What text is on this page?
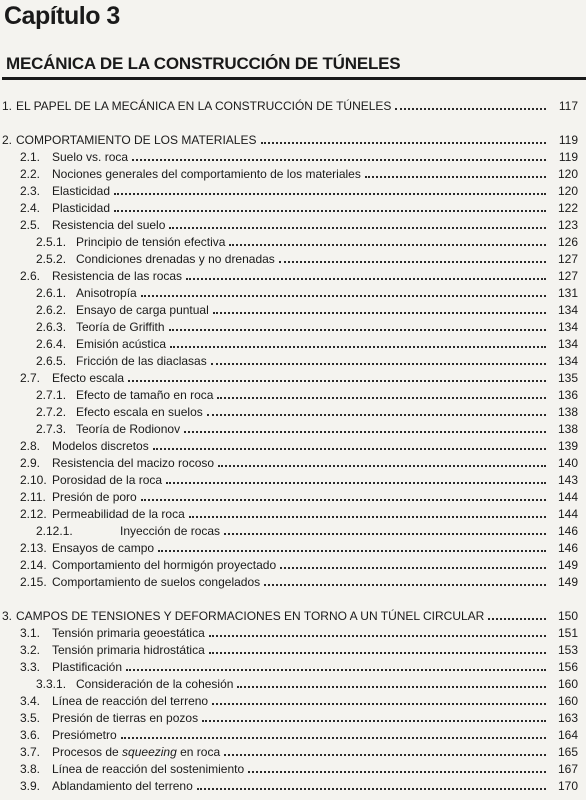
Capítulo 3
MECÁNICA DE LA CONSTRUCCIÓN DE TÚNELES
1. EL PAPEL DE LA MECÁNICA EN LA CONSTRUCCIÓN DE TÚNELES	117
2. COMPORTAMIENTO DE LOS MATERIALES	119
2.1. Suelo vs. roca	119
2.2. Nociones generales del comportamiento de los materiales	120
2.3. Elasticidad	120
2.4. Plasticidad	122
2.5. Resistencia del suelo	123
2.5.1. Principio de tensión efectiva	126
2.5.2. Condiciones drenadas y no drenadas	127
2.6. Resistencia de las rocas	127
2.6.1. Anisotropía	131
2.6.2. Ensayo de carga puntual	134
2.6.3. Teoría de Griffith	134
2.6.4. Emisión acústica	134
2.6.5. Fricción de las diaclasas	134
2.7. Efecto escala	135
2.7.1. Efecto de tamaño en roca	136
2.7.2. Efecto escala en suelos	138
2.7.3. Teoría de Rodionov	138
2.8. Modelos discretos	139
2.9. Resistencia del macizo rocoso	140
2.10. Porosidad de la roca	143
2.11. Presión de poro	144
2.12. Permeabilidad de la roca	144
2.12.1.	Inyección de rocas	146
2.13. Ensayos de campo	146
2.14. Comportamiento del hormigón proyectado	149
2.15. Comportamiento de suelos congelados	149
3. CAMPOS DE TENSIONES Y DEFORMACIONES EN TORNO A UN TÚNEL CIRCULAR	150
3.1. Tensión primaria geoestática	151
3.2. Tensión primaria hidrostática	153
3.3. Plastificación	156
3.3.1. Consideración de la cohesión	160
3.4. Línea de reacción del terreno	160
3.5. Presión de tierras en pozos	163
3.6. Presiómetro	164
3.7. Procesos de squeezing en roca	165
3.8. Línea de reacción del sostenimiento	167
3.9. Ablandamiento del terreno	170
